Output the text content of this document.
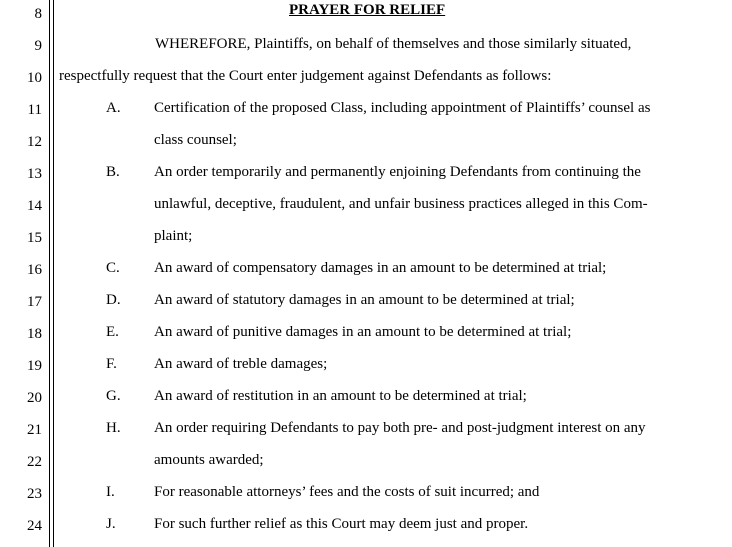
8	PRAYER FOR RELIEF
9	WHEREFORE, Plaintiffs, on behalf of themselves and those similarly situated,
10 respectfully request that the Court enter judgement against Defendants as follows:
11	A. Certification of the proposed Class, including appointment of Plaintiffs’ counsel as
12	class counsel;
13	B. An order temporarily and permanently enjoining Defendants from continuing the
14	unlawful, deceptive, fraudulent, and unfair business practices alleged in this Com-
15	plaint;
16	C. An award of compensatory damages in an amount to be determined at trial;
17	D. An award of statutory damages in an amount to be determined at trial;
18	E. An award of punitive damages in an amount to be determined at trial;
19	F. An award of treble damages;
20	G. An award of restitution in an amount to be determined at trial;
21	H. An order requiring Defendants to pay both pre- and post-judgment interest on any
22	amounts awarded;
23	I.	For reasonable attorneys’ fees and the costs of suit incurred; and
24	J.	For such further relief as this Court may deem just and proper.
